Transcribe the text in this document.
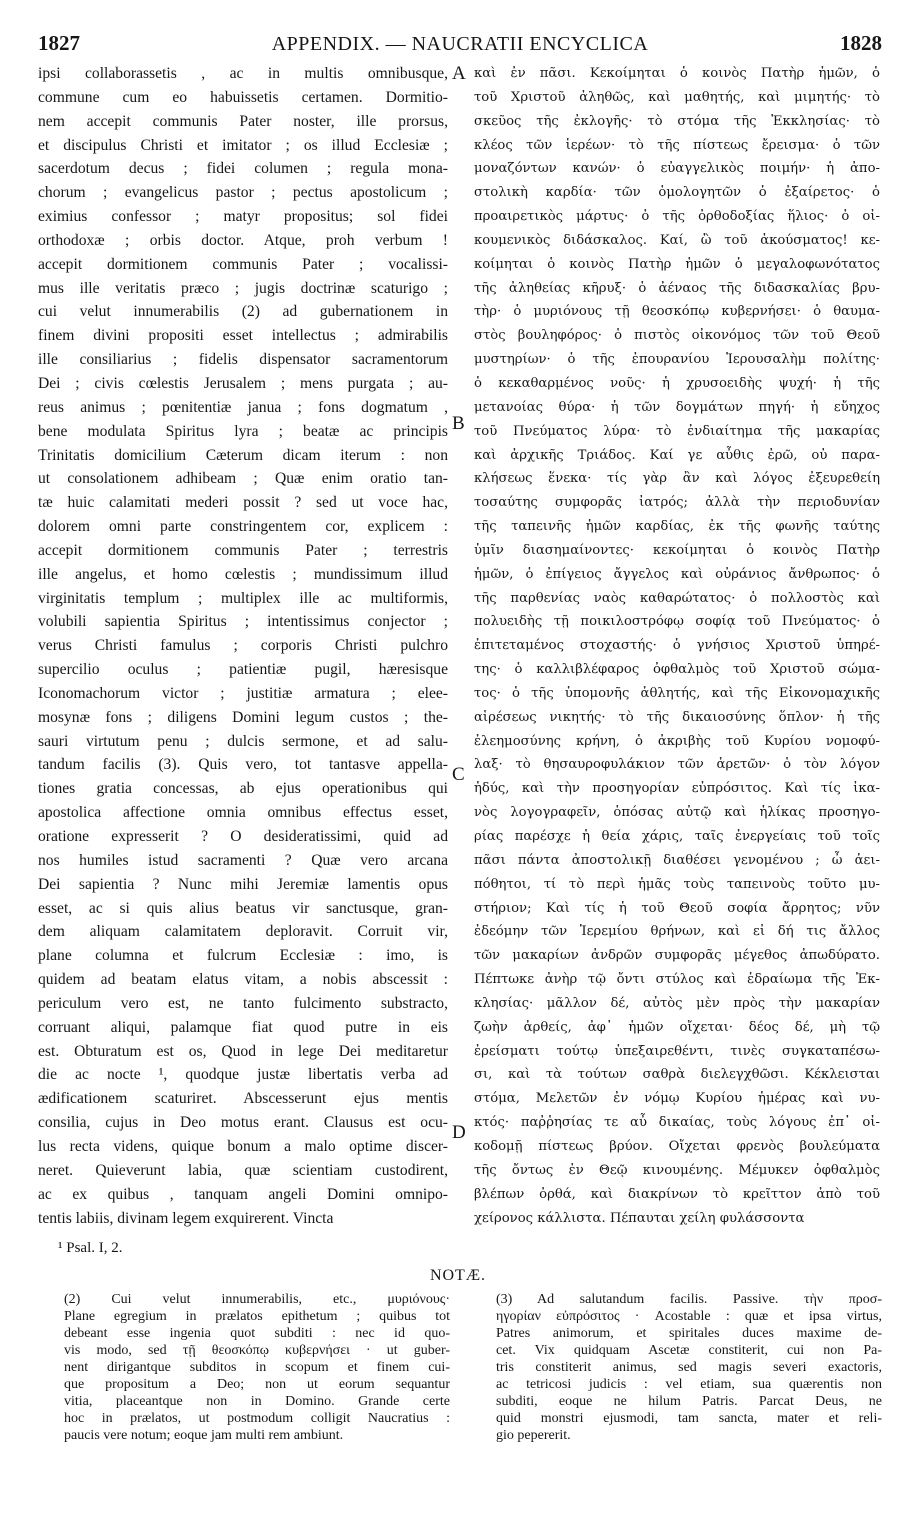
1827	APPENDIX. — NAUCRATII ENCYCLICA	1828
ipsi collaborassetis , ac in multis omnibusque,
commune cum eo habuissetis certamen. Dormitio-
nem accepit communis Pater noster, ille prorsus,
et discipulus Christi et imitator ; os illud Ecclesiæ ;
sacerdotum decus ; fidei columen ; regula mona-
chorum ; evangelicus pastor ; pectus apostolicum ;
eximius confessor ; matyr propositus; sol fidei
orthodoxæ ; orbis doctor. Atque, proh verbum !
accepit dormitionem communis Pater ; vocalissi-
mus ille veritatis præco ; jugis doctrinæ scaturigo ;
cui velut innumerabilis (2) ad gubernationem in
finem divini propositi esset intellectus ; admirabilis
ille consiliarius ; fidelis dispensator sacramentorum
Dei ; civis cœlestis Jerusalem ; mens purgata ; au-
reus animus ; pœnitentiæ janua ; fons dogmatum ,
bene modulata Spiritus lyra ; beatæ ac principis
Trinitatis domicilium Cæterum dicam iterum : non
ut consolationem adhibeam ; Quæ enim oratio tan-
tæ huic calamitati mederi possit ? sed ut voce hac,
dolorem omni parte constringentem cor, explicem :
accepit dormitionem communis Pater ; terrestris
ille angelus, et homo cœlestis ; mundissimum illud
virginitatis templum ; multiplex ille ac multiformis,
volubili sapientia Spiritus ; intentissimus conjector ;
verus Christi famulus ; corporis Christi pulchro
supercilio oculus ; patientiæ pugil, hæresisque
Iconomachorum victor ; justitiæ armatura ; elee-
mosynæ fons ; diligens Domini legum custos ; the-
sauri virtutum penu ; dulcis sermone, et ad salu-
tandum facilis (3). Quis vero, tot tantasve appella-
tiones gratia concessas, ab ejus operationibus qui
apostolica affectione omnia omnibus effectus esset,
oratione expresserit ? O desideratissimi, quid ad
nos humiles istud sacramenti ? Quæ vero arcana
Dei sapientia ? Nunc mihi Jeremiæ lamentis opus
esset, ac si quis alius beatus vir sanctusque, gran-
dem aliquam calamitatem deploravit. Corruit vir,
plane columna et fulcrum Ecclesiæ : imo, is
quidem ad beatam elatus vitam, a nobis abscessit :
periculum vero est, ne tanto fulcimento substracto,
corruant aliqui, palamque fiat quod putre in eis
est. Obturatum est os, Quod in lege Dei meditaretur
die ac nocte ¹, quodque justæ libertatis verba ad
ædificationem scaturiret. Abscesserunt ejus mentis
consilia, cujus in Deo motus erant. Clausus est ocu-
lus recta videns, quique bonum a malo optime discer-
neret. Quieverunt labia, quæ scientiam custodirent,
ac ex quibus , tanquam angeli Domini omnipo-
tentis labiis, divinam legem exquirerent. Vincta
καὶ ἐν πᾶσι. Κεκοίμηται ὁ κοινὸς Πατὴρ ἡμῶν, ὁ
τοῦ Χριστοῦ ἀληθῶς, καὶ μαθητής, καὶ μιμητής· τὸ
σκεῦος τῆς ἐκλογῆς· τὸ στόμα τῆς Ἐκκλησίας· τὸ
κλέος τῶν ἱερέων· τὸ τῆς πίστεως ἔρεισμα· ὁ τῶν
μοναζόντων κανών· ὁ εὐαγγελικὸς ποιμήν· ἡ ἀπο-
στολικὴ καρδία· τῶν ὁμολογητῶν ὁ ἐξαίρετος· ὁ
προαιρετικὸς μάρτυς· ὁ τῆς ὀρθοδοξίας ἥλιος· ὁ οἰ-
κουμενικὸς διδάσκαλος. Καί, ὢ τοῦ ἀκούσματος! κε-
κοίμηται ὁ κοινὸς Πατὴρ ἡμῶν ὁ μεγαλοφωνότατος
τῆς ἀληθείας κῆρυξ· ὁ ἀέναος τῆς διδασκαλίας βρυ-
τὴρ· ὁ μυριόνους τῇ θεοσκόπῳ κυβερνήσει· ὁ θαυμα-
στὸς βουληφόρος· ὁ πιστὸς οἰκονόμος τῶν τοῦ Θεοῦ
μυστηρίων· ὁ τῆς ἐπουρανίου Ἱερουσαλὴμ πολίτης·
ὁ κεκαθαρμένος νοῦς· ἡ χρυσοειδὴς ψυχή· ἡ τῆς
μετανοίας θύρα· ἡ τῶν δογμάτων πηγή· ἡ εὔηχος
τοῦ Πνεύματος λύρα· τὸ ἐνδιαίτημα τῆς μακαρίας
καὶ ἀρχικῆς Τριάδος. Καί γε αὖθις ἐρῶ, οὐ παρα-
κλήσεως ἕνεκα· τίς γὰρ ἂν καὶ λόγος ἐξευρεθείη
τοσαύτης συμφορᾶς ἰατρός; ἀλλὰ τὴν περιοδυνίαν
τῆς ταπεινῆς ἡμῶν καρδίας, ἐκ τῆς φωνῆς ταύτης
ὑμῖν διασημαίνοντες· κεκοίμηται ὁ κοινὸς Πατὴρ
ἡμῶν, ὁ ἐπίγειος ἄγγελος καὶ οὐράνιος ἄνθρωπος· ὁ
τῆς παρθενίας ναὸς καθαρώτατος· ὁ πολλοστὸς καὶ
πολυειδὴς τῇ ποικιλοστρόφῳ σοφίᾳ τοῦ Πνεύματος· ὁ
ἐπιτεταμένος στοχαστής· ὁ γνήσιος Χριστοῦ ὑπηρέ-
της· ὁ καλλιβλέφαρος ὀφθαλμὸς τοῦ Χριστοῦ σώμα-
τος· ὁ τῆς ὑπομονῆς ἀθλητής, καὶ τῆς Εἰκονομαχικῆς
αἱρέσεως νικητής· τὸ τῆς δικαιοσύνης ὅπλον· ἡ τῆς
ἐλεημοσύνης κρήνη, ὁ ἀκριβὴς τοῦ Κυρίου νομοφύ-
λαξ· τὸ θησαυροφυλάκιον τῶν ἀρετῶν· ὁ τὸν λόγον
ἡδύς, καὶ τὴν προσηγορίαν εὐπρόσιτος. Καὶ τίς ἱκα-
νὸς λογογραφεῖν, ὁπόσας αὐτῷ καὶ ἡλίκας προσηγο-
ρίας παρέσχε ἡ θεία χάρις, ταῖς ἐνεργείαις τοῦ τοῖς
πᾶσι πάντα ἀποστολικῇ διαθέσει γενομένου ; ὦ ἀει-
πόθητοι, τί τὸ περὶ ἡμᾶς τοὺς ταπεινοὺς τοῦτο μυ-
στήριον; Καὶ τίς ἡ τοῦ Θεοῦ σοφία ἄρρητος; νῦν
ἐδεόμην τῶν Ἱερεμίου θρήνων, καὶ εἰ δή τις ἄλλος
τῶν μακαρίων ἀνδρῶν συμφορᾶς μέγεθος ἀπωδύρατο.
Πέπτωκε ἀνὴρ τῷ ὄντι στύλος καὶ ἑδραίωμα τῆς Ἐκ-
κλησίας· μᾶλλον δέ, αὐτὸς μὲν πρὸς τὴν μακαρίαν
ζωὴν ἀρθείς, ἀφ᾽ ἡμῶν οἴχεται· δέος δέ, μὴ τῷ
ἐρείσματι τούτῳ ὑπεξαιρεθέντι, τινὲς συγκαταπέσω-
σι, καὶ τὰ τούτων σαθρὰ διελεγχθῶσι. Κέκλεισται
στόμα, Μελετῶν ἐν νόμῳ Κυρίου ἡμέρας καὶ νυ-
κτός· παῤῥησίας τε αὖ δικαίας, τοὺς λόγους ἐπ᾽ οἰ-
κοδομῇ πίστεως βρύον. Οἴχεται φρενὸς βουλεύματα
τῆς ὄντως ἐν Θεῷ κινουμένης. Μέμυκεν ὀφθαλμὸς
βλέπων ὀρθά, καὶ διακρίνων τὸ κρεῖττον ἀπὸ τοῦ
χείρονος κάλλιστα. Πέπαυται χείλη φυλάσσοντα
A
B
C
D
¹ Psal. I, 2.
NOTÆ.
(2) Cui velut innumerabilis, etc., μυριόνους·
Plane egregium in prælatos epithetum ; quibus tot
debeant esse ingenia quot subditi : nec id quo-
vis modo, sed τῇ θεοσκόπῳ κυβερνήσει · ut guber-
nent dirigantque subditos in scopum et finem cui-
que propositum a Deo; non ut eorum sequantur
vitia, placeantque non in Domino. Grande certe
hoc in prælatos, ut postmodum colligit Naucratius :
paucis vere notum; eoque jam multi rem ambiunt.
(3) Ad salutandum facilis. Passive. τὴν προσ-
ηγορίαν εὐπρόσιτος · Acostable : quæ et ipsa virtus,
Patres animorum, et spiritales duces maxime de-
cet. Vix quidquam Ascetæ constiterit, cui non Pa-
tris constiterit animus, sed magis severi exactoris,
ac tetricosi judicis : vel etiam, sua quærentis non
subditi, eoque ne hilum Patris. Parcat Deus, ne
quid monstri ejusmodi, tam sancta, mater et reli-
gio pepererit.
